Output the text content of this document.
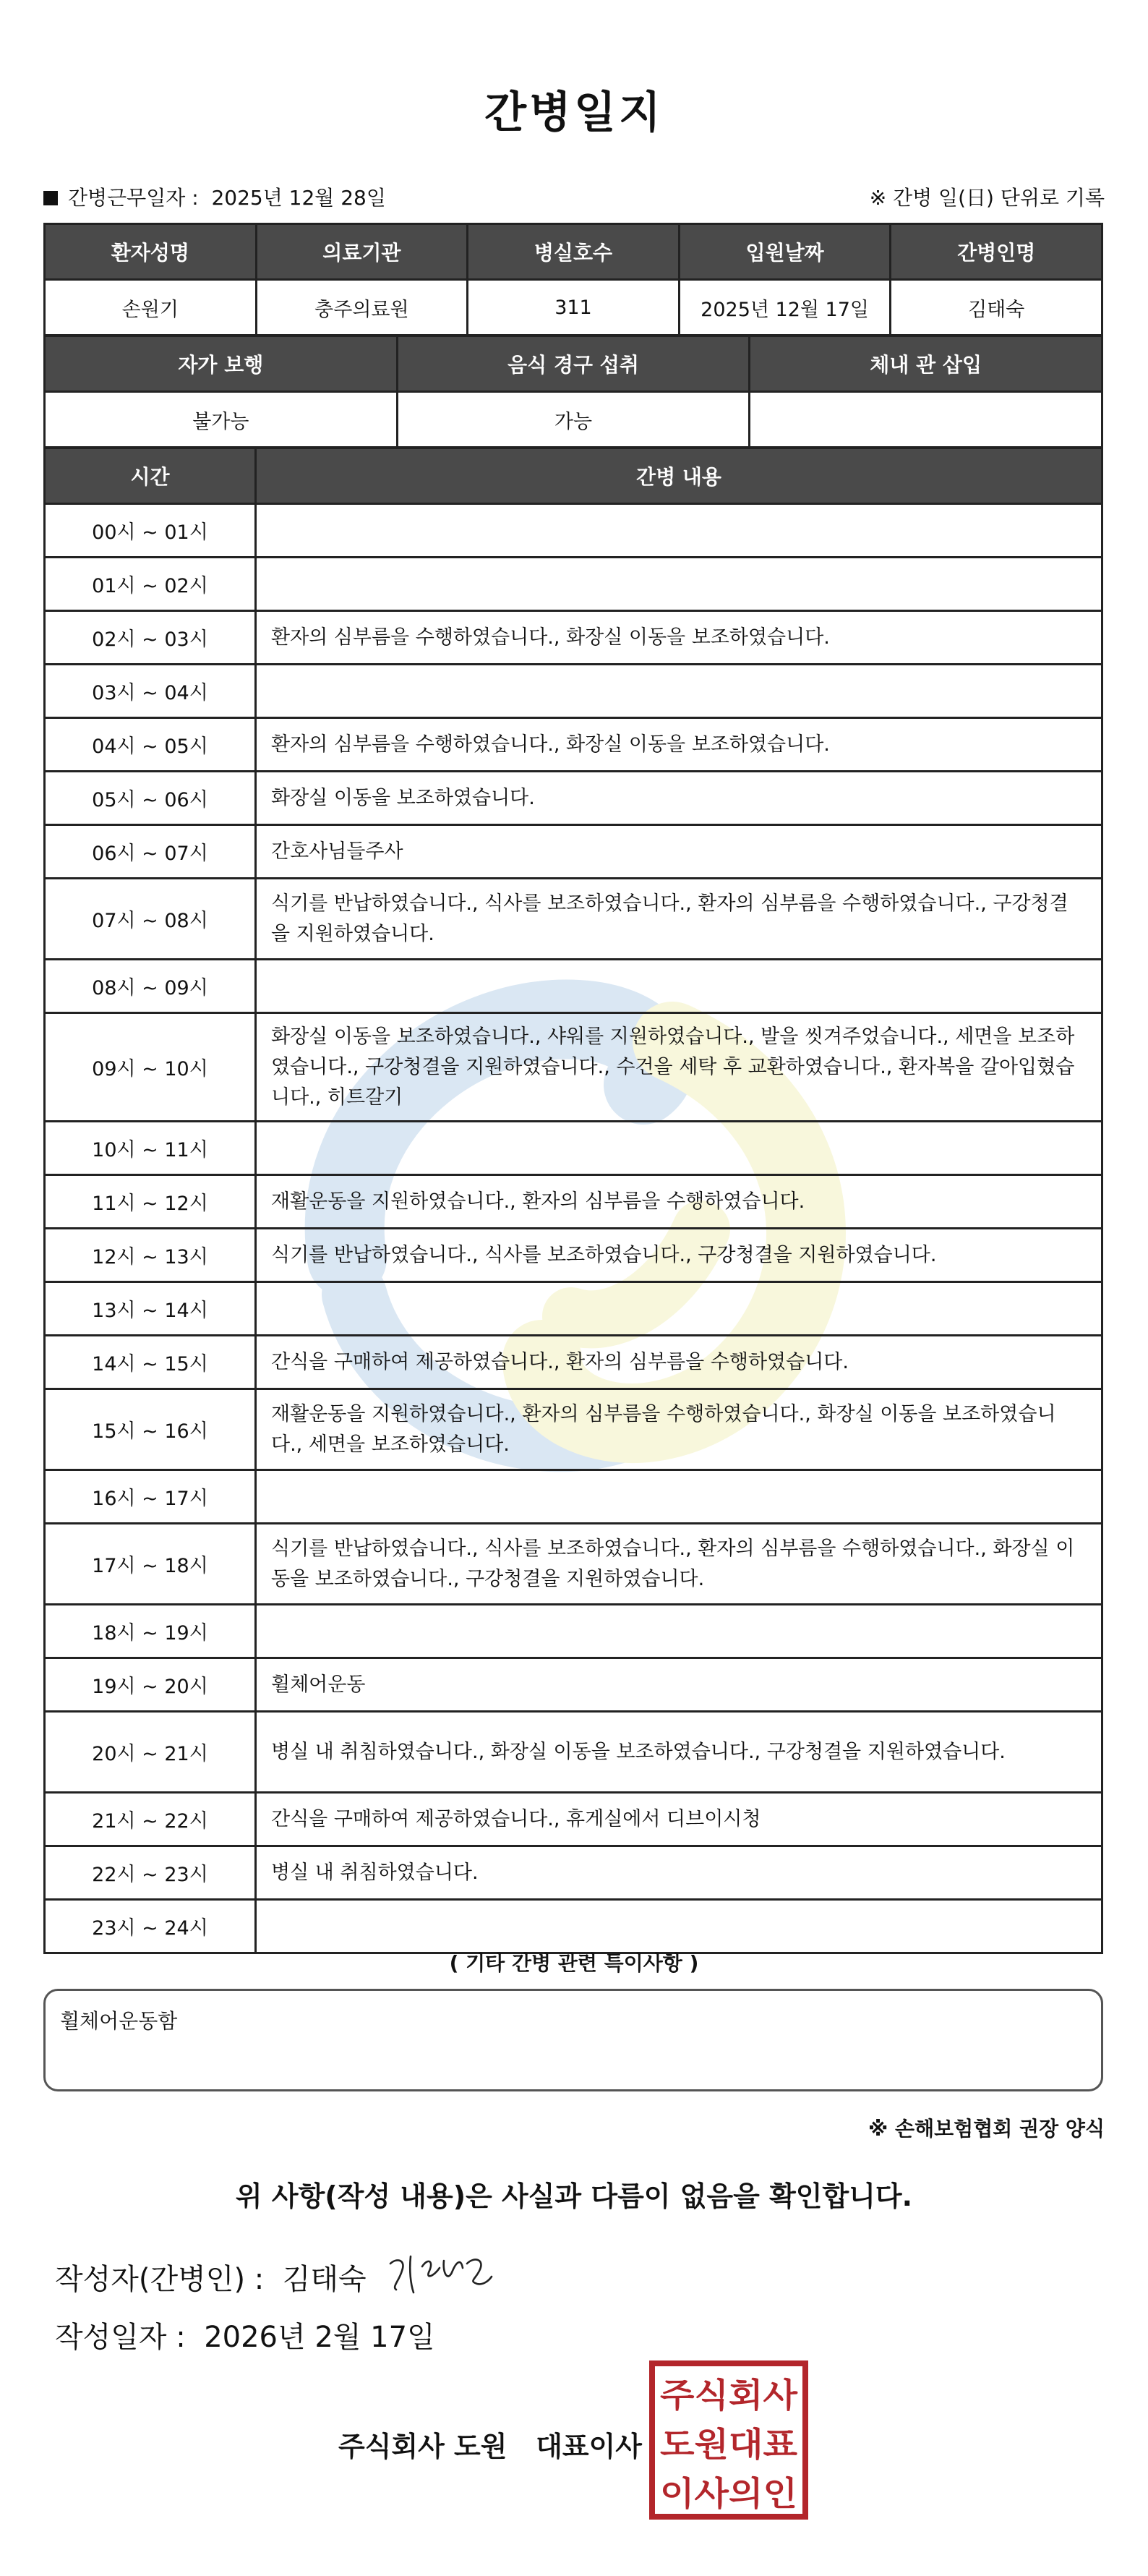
간병일지
간병근무일자 : 2025년 12월 28일	※ 간병 일(日) 단위로 기록
환자성명	의료기관	병실호수	입원날짜	간병인명
손원기	충주의료원	311	2025년 12월 17일	김태숙
자가 보행	음식 경구 섭취	체내 관 삽입
불가능	가능	
시간	간병 내용
00시 ~ 01시	
01시 ~ 02시	
02시 ~ 03시	환자의 심부름을 수행하였습니다., 화장실 이동을 보조하였습니다.
03시 ~ 04시	
04시 ~ 05시	환자의 심부름을 수행하였습니다., 화장실 이동을 보조하였습니다.
05시 ~ 06시	화장실 이동을 보조하였습니다.
06시 ~ 07시	간호사님들주사
07시 ~ 08시	식기를 반납하였습니다., 식사를 보조하였습니다., 환자의 심부름을 수행하였습니다., 구강청결을 지원하였습니다.
08시 ~ 09시	
09시 ~ 10시	화장실 이동을 보조하였습니다., 샤워를 지원하였습니다., 발을 씻겨주었습니다., 세면을 보조하였습니다., 구강청결을 지원하였습니다., 수건을 세탁 후 교환하였습니다., 환자복을 갈아입혔습니다., 히트갈기
10시 ~ 11시	
11시 ~ 12시	재활운동을 지원하였습니다., 환자의 심부름을 수행하였습니다.
12시 ~ 13시	식기를 반납하였습니다., 식사를 보조하였습니다., 구강청결을 지원하였습니다.
13시 ~ 14시	
14시 ~ 15시	간식을 구매하여 제공하였습니다., 환자의 심부름을 수행하였습니다.
15시 ~ 16시	재활운동을 지원하였습니다., 환자의 심부름을 수행하였습니다., 화장실 이동을 보조하였습니다., 세면을 보조하였습니다.
16시 ~ 17시	
17시 ~ 18시	식기를 반납하였습니다., 식사를 보조하였습니다., 환자의 심부름을 수행하였습니다., 화장실 이동을 보조하였습니다., 구강청결을 지원하였습니다.
18시 ~ 19시	
19시 ~ 20시	휠체어운동
20시 ~ 21시	병실 내 취침하였습니다., 화장실 이동을 보조하였습니다., 구강청결을 지원하였습니다.
21시 ~ 22시	간식을 구매하여 제공하였습니다., 휴게실에서 디브이시청
22시 ~ 23시	병실 내 취침하였습니다.
23시 ~ 24시	
( 기타 간병 관련 특이사항 )
휠체어운동함
※ 손해보험협회 권장 양식
위 사항(작성 내용)은 사실과 다름이 없음을 확인합니다.
작성자(간병인) : 김태숙
작성일자 : 2026년 2월 17일
주식회사 도원 대표이사
주식회사
도원대표
이사의인
